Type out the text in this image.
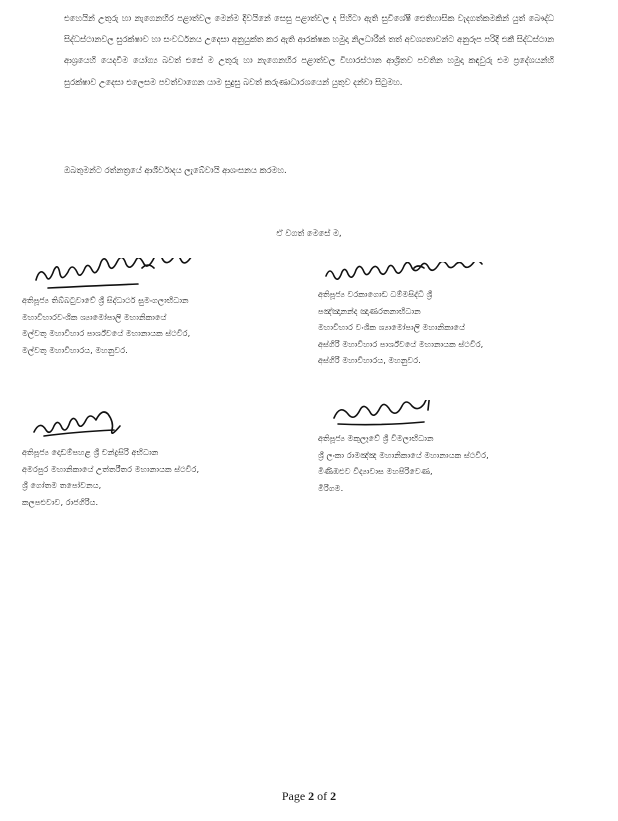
එහෙයින් උතුරු හා නැගෙනහිර පළාත්වල මෙන්ම දිවයිනේ සෙසු පළාත්වල ද පිහිටා ඇති සුවිශේෂී ඓතිහාසික වැදගත්කමකින් යුත් බෞද්ධ සිද්ධස්ථානවල සුරක්ෂාව හා සංවර්ධනය උදෙසා අනුයුක්ත කර ඇති ආරක්ෂක හමුදා නිලධාරීන් තත් අවශ්‍යතාවන්ට අනුරූප පරිදි එකී සිද්ධස්ථාන ආශ්‍රයෙහි යෙදවීම යෝග්‍ය බවත් එසේ ම උතුරු හා නැගෙනහිර පළාත්වල විහාරස්ථාන ආශ්‍රිතව පවතින හමුදා කඳවුරු එම ප්‍රදේශයන්හි සුරක්ෂාව උදෙසා එලෙසම පවත්වාගෙන යාම සුදුසු බවත් කරුණාධාරශයෙන් යුතුව දන්වා සිටුමහ.

ඔබතුමන්ට රත්නත්‍රයේ ආශීර්වාදය ලැබේවායි ආශංසනය කරමහ.

ඒ වගත් මෙසේ ම,
අතිපූජ්‍ය තිබ්බටුවාවේ ශ්‍රී සිද්ධාර්ථ සුමංගලාභිධාන
මහාවිහාරවංශික ශ්‍යාමෝපාලි මහානිකායේ
මල්වතු මහාවිහාර පාර්ශ්වයේ මහානායක ස්ථවිර,
මල්වතු මහාවිහාරය, මහනුවර.
අතිපූජ්‍ය වරකාගොඩ ධම්මසිද්ධි ශ්‍රී
පඤ්ඤානන්ද ඤාණරතනාභිධාන
මහාවිහාර වංශික ශ්‍යාමෝපාලි මහානිකායේ
අස්ගිරි මහාවිහාර පාර්ශ්වයේ මහානායක ස්ථවිර,
අස්ගිරි මහාවිහාරය, මහනුවර.
අතිපූජ්‍ය දොඩම්පහළ ශ්‍රී චන්ද්‍රසිරි අභිධාන
අමරපුර මහානිකායේ උත්තරීතර මහානායක ස්ථවිර,
ශ්‍රී ගෝතම තපෝවනය,
කලපළුවාව, රාජගිරිය.
අතිපූජ්‍ය මකුලෑවේ ශ්‍රී විමලාභිධාන
ශ්‍රී ලංකා රාමඤ්ඤ මහානිකායේ මහානායක ස්ථවිර,
මිණිඹළුව විද්‍යාවාස මහපිරිවෙණ,
මීරිගම.
Page 2 of 2
